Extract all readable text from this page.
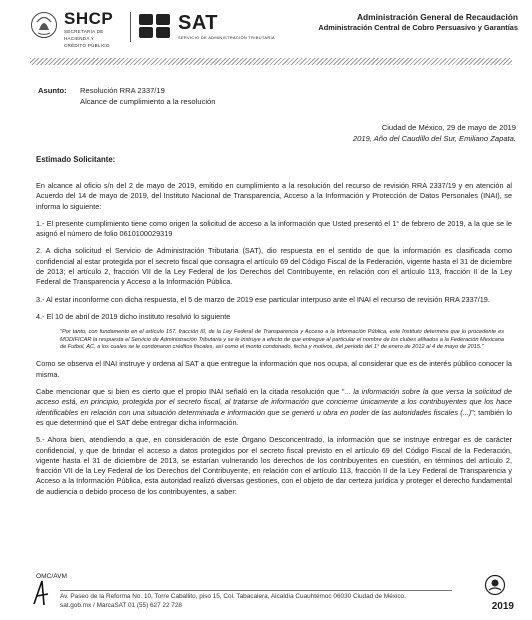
SHCP
SECRETARÍA DE
HACIENDA Y
CRÉDITO PÚBLICO
SAT
SERVICIO DE ADMINISTRACIÓN TRIBUTARIA
Administración General de Recaudación
Administración Central de Cobro Persuasivo y Garantías
Asunto: Resolución RRA 2337/19
Alcance de cumplimiento a la resolución
Ciudad de México, 29 de mayo de 2019
2019, Año del Caudillo del Sur, Emiliano Zapata.
Estimado Solicitante:

En alcance al oficio s/n del 2 de mayo de 2019, emitido en cumplimiento a la resolución del recurso de revisión RRA 2337/19 y en atención al Acuerdo del 14 de mayo de 2019, del Instituto Nacional de Transparencia, Acceso a la Información y Protección de Datos Personales (INAI), se informa lo siguiente:

1.- El presente cumplimiento tiene como origen la solicitud de acceso a la información que Usted presentó el 1° de febrero de 2019, a la que se le asignó el número de folio 0610100029319

2. A dicha solicitud el Servicio de Administración Tributaria (SAT), dio respuesta en el sentido de que la información es clasificada como confidencial al estar protegida por el secreto fiscal que consagra el artículo 69 del Código Fiscal de la Federación, vigente hasta el 31 de diciembre de 2013; el artículo 2, fracción VII de la Ley Federal de los Derechos del Contribuyente, en relación con el artículo 113, fracción II de la Ley Federal de Transparencia y Acceso a la Información Pública.

3.- Al estar inconforme con dicha respuesta, el 5 de marzo de 2019 ese particular interpuso ante el INAI el recurso de revisión RRA 2337/19.

4.- El 10 de abril de 2019 dicho instituto resolvió lo siguiente

"Por tanto, con fundamento en el artículo 157, fracción III, de la Ley Federal de Transparencia y Acceso a la Información Pública, este Instituto determina que lo procedente es MODIFICAR la respuesta el Servicio de Administración Tributaria y se le instruye a efecto de que entregue al particular el nombre de los clubes afiliados a la Federación Mexicana de Futbol, AC, a los cuales se le condonaron créditos fiscales, así como el monto condonado, fecha y motivos, del periodo del 1° de enero de 2012 al 4 de mayo de 2015."

Como se observa el INAI instruye y ordena al SAT a que entregue la información que nos ocupa, al considerar que es de interés público conocer la misma.

Cabe mencionar que si bien es cierto que el propio INAI señaló en la citada resolución que "... la información sobre la que versa la solicitud de acceso está, en principio, protegida por el secreto fiscal, al tratarse de información que concierne únicamente a los contribuyentes que los hace identificables en relación con una situación determinada e información que se generó u obra en poder de las autoridades fiscales (...)"; también lo es que determinó que el SAT debe entregar dicha información.

5.- Ahora bien, atendiendo a que, en consideración de este Órgano Desconcentrado, la información que se instruye entregar es de carácter confidencial, y que de brindar el acceso a datos protegidos por el secreto fiscal previsto en el artículo 69 del Código Fiscal de la Federación, vigente hasta el 31 de diciembre de 2013, se estarían vulnerando los derechos de los contribuyentes en cuestión, en términos del artículo 2, fracción VII de la Ley Federal de los Derechos del Contribuyente, en relación con el artículo 113, fracción II de la Ley Federal de Transparencia y Acceso a la Información Pública, esta autoridad realizó diversas gestiones, con el objeto de dar certeza jurídica y proteger el derecho fundamental de audiencia o debido proceso de los contribuyentes, a saber:

OMC/AVM
Av. Paseo de la Reforma No. 10, Torre Caballito, piso 15, Col. Tabacalera, Alcaldía Cuauhtémoc 06030 Ciudad de México.
sat.gob.mx / MarcaSAT 01 (55) 627 22 728	2019
